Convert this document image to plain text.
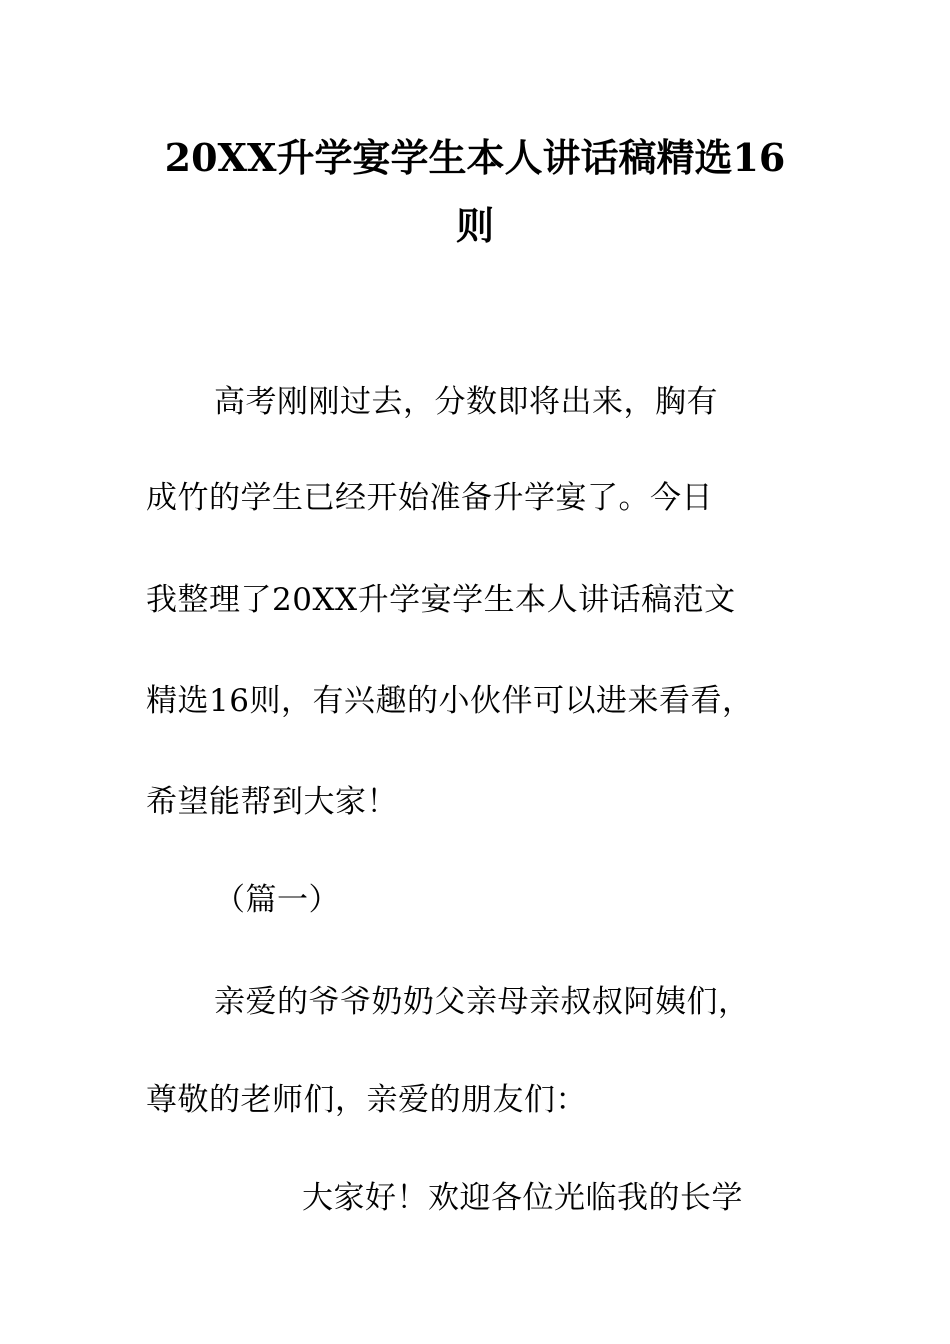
20XX升学宴学生本人讲话稿精选16
则
高考刚刚过去，分数即将出来，胸有
成竹的学生已经开始准备升学宴了。今日
我整理了20XX升学宴学生本人讲话稿范文
精选16则，有兴趣的小伙伴可以进来看看，
希望能帮到大家！
（篇一）
亲爱的爷爷奶奶父亲母亲叔叔阿姨们，
尊敬的老师们，亲爱的朋友们：
大家好！欢迎各位光临我的长学
